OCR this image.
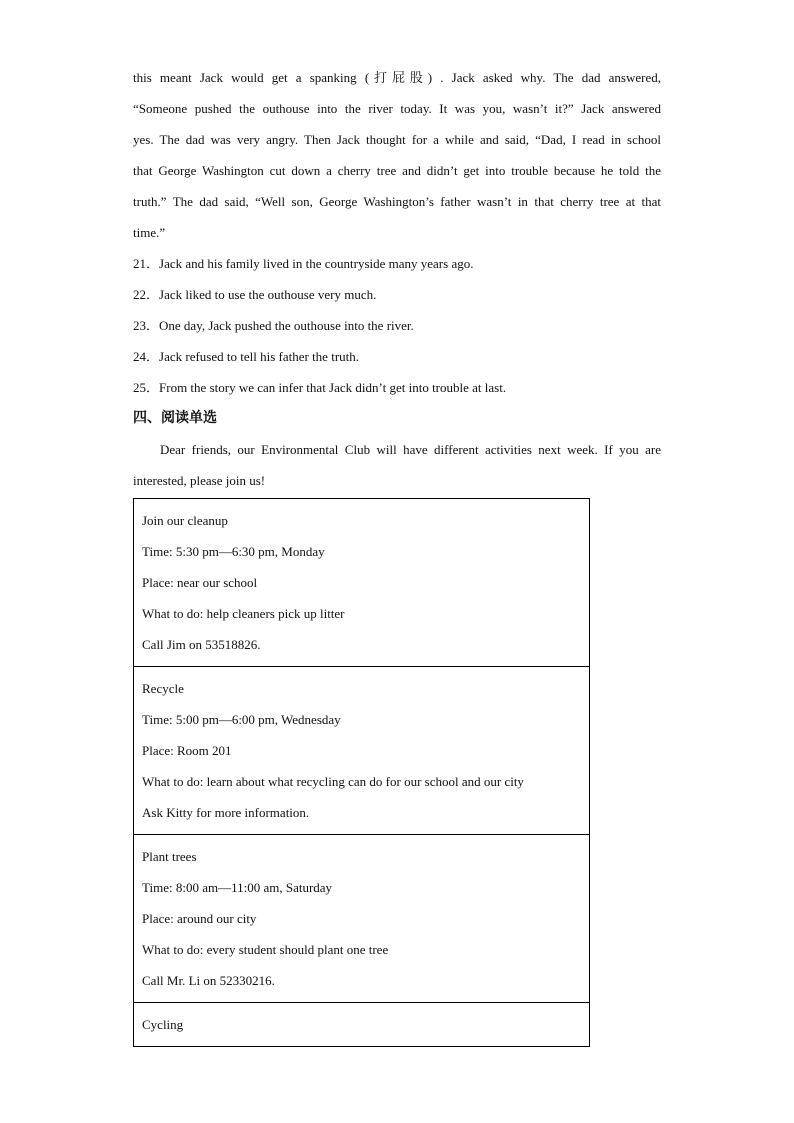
this meant Jack would get a spanking (打屁股) . Jack asked why. The dad answered,
“Someone pushed the outhouse into the river today. It was you, wasn’t it?” Jack answered
yes. The dad was very angry. Then Jack thought for a while and said, “Dad, I read in school
that George Washington cut down a cherry tree and didn’t get into trouble because he told the
truth.” The dad said, “Well son, George Washington’s father wasn’t in that cherry tree at that
time.”
21．Jack and his family lived in the countryside many years ago.
22．Jack liked to use the outhouse very much.
23．One day, Jack pushed the outhouse into the river.
24．Jack refused to tell his father the truth.
25．From the story we can infer that Jack didn’t get into trouble at last.
四、阅读单选
Dear friends, our Environmental Club will have different activities next week. If you are
interested, please join us!
Join our cleanup
Time: 5:30 pm—6:30 pm, Monday
Place: near our school
What to do: help cleaners pick up litter
Call Jim on 53518826.

Recycle
Time: 5:00 pm—6:00 pm, Wednesday
Place: Room 201
What to do: learn about what recycling can do for our school and our city
Ask Kitty for more information.

Plant trees
Time: 8:00 am—11:00 am, Saturday
Place: around our city
What to do: every student should plant one tree
Call Mr. Li on 52330216.

Cycling
